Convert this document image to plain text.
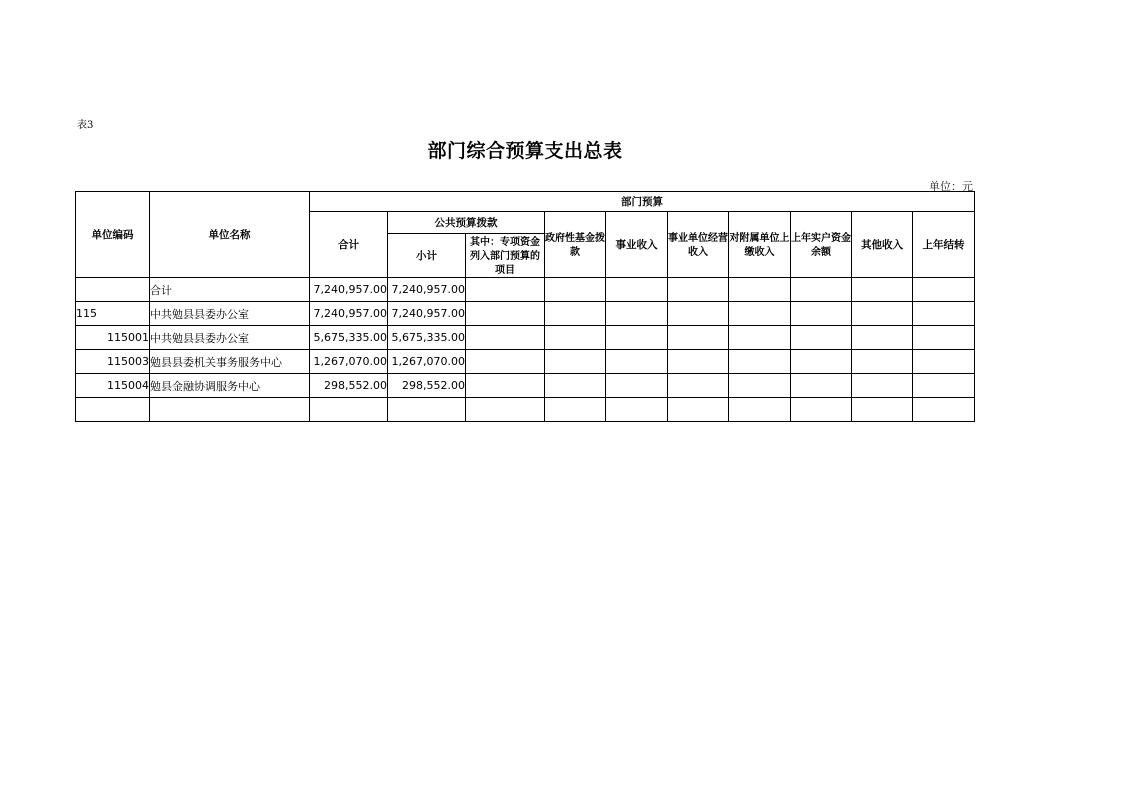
表3
部门综合预算支出总表
单位：元
单位编码	单位名称	部门预算									
		合计	公共预算拨款		政府性基金拨款	事业收入	事业单位经营收入	对附属单位上缴收入	上年实户资金余额	其他收入	上年结转
			小计	其中：专项资金列入部门预算的项目							
	合计	7,240,957.00	7,240,957.00								
115	中共勉县县委办公室	7,240,957.00	7,240,957.00								
115001	中共勉县县委办公室	5,675,335.00	5,675,335.00								
115003	勉县县委机关事务服务中心	1,267,070.00	1,267,070.00								
115004	勉县金融协调服务中心	298,552.00	298,552.00								
